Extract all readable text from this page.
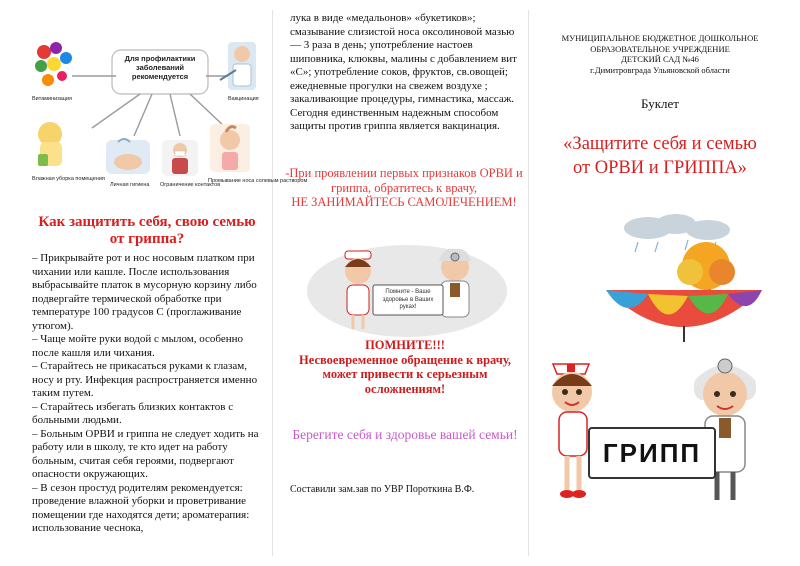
Для профилактики заболеваний рекомендуется
Витаминизация	Вакцинация
Влажная уборка помещения
Личная гигиена Ограничение контактов
Промывание носа солевым раствором
Как защитить себя, свою семью
от гриппа?

– Прикрывайте рот и нос носовым платком при чихании или кашле. После использования выбрасывайте платок в мусорную корзину либо подвергайте термической обработке при температуре 100 градусов С (проглаживание утюгом).

– Чаще мойте руки водой с мылом, особенно после кашля или чихания.

– Старайтесь не прикасаться руками к глазам, носу и рту. Инфекция распространяется именно таким путем.

– Старайтесь избегать близких контактов с больными людьми.

– Больным ОРВИ и гриппа не следует ходить на работу или в школу, те кто идет на работу больным, считая себя героями, подвергают опасности окружающих.

– В сезон простуд родителям рекомендуется: проведение влажной уборки и проветривание помещении где находятся дети; ароматерапия: использование чеснока,

лука в виде «медальонов» «букетиков»; смазывание слизистой носа оксолиновой мазью — 3 раза в день; употребление настоев шиповника, клюквы, малины с добавлением вит «С»; употребление соков, фруктов, св.овощей; ежедневные прогулки на свежем воздухе ; закаливающие процедуры, гимнастика, массаж.

Сегодня единственным надежным способом защиты против гриппа является вакцинация.

-При проявлении первых признаков ОРВИ и гриппа, обратитесь к врачу,

НЕ ЗАНИМАЙТЕСЬ САМОЛЕЧЕНИЕМ!

Помните - Ваше здоровье в Ваших руках!

ПОМНИТЕ!!!

Несвоевременное обращение к врачу, может привести к серьезным осложнениям!

Берегите себя и здоровье вашей семьи!
Составили зам.зав по УВР Пороткина В.Ф.

МУНИЦИПАЛЬНОЕ БЮДЖЕТНОЕ ДОШКОЛЬНОЕ

ОБРАЗОВАТЕЛЬНОЕ УЧРЕЖДЕНИЕ

ДЕТСКИЙ САД №46

г.Димитровграда Ульяновской области

Буклет

«Защитите себя и семью

от ОРВИ и ГРИППА»

ГРИПП
